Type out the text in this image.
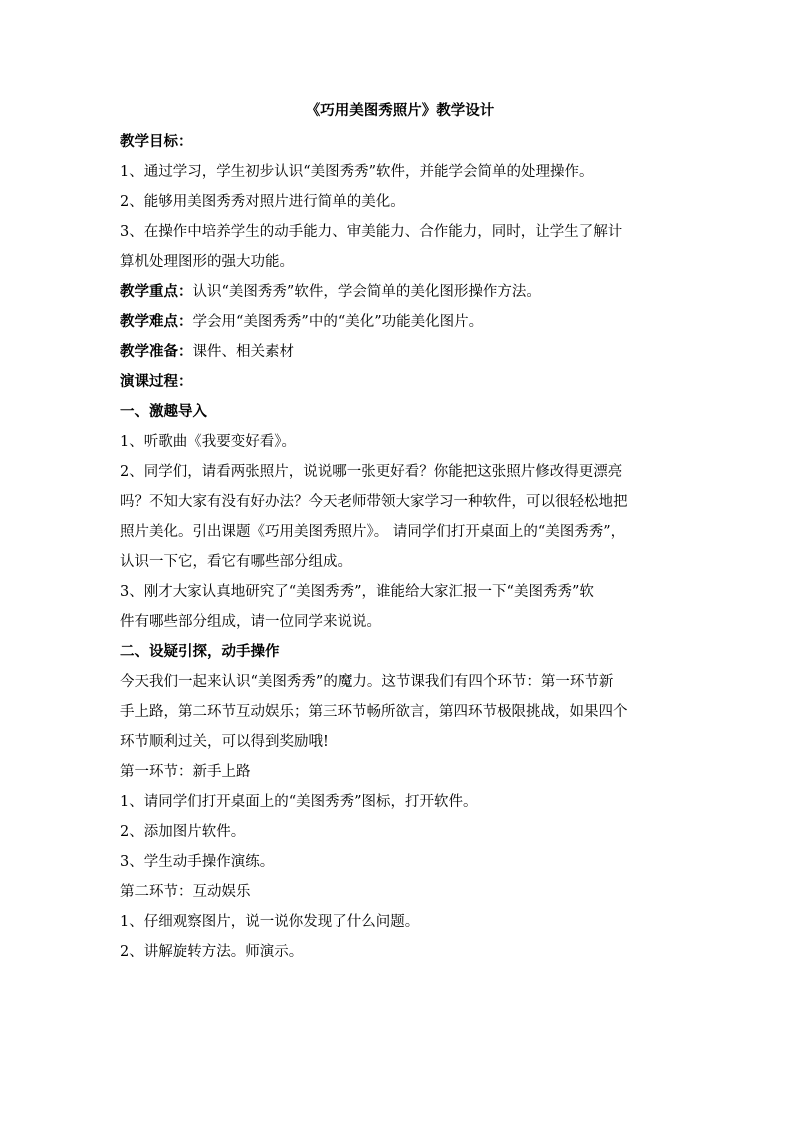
《巧用美图秀照片》教学设计

教学目标：

1、通过学习，学生初步认识“美图秀秀”软件，并能学会简单的处理操作。

2、能够用美图秀秀对照片进行简单的美化。

3、在操作中培养学生的动手能力、审美能力、合作能力，同时，让学生了解计

算机处理图形的强大功能。

教学重点：认识“美图秀秀”软件，学会简单的美化图形操作方法。

教学难点：学会用“美图秀秀”中的“美化”功能美化图片。

教学准备：课件、相关素材

演课过程：

一、激趣导入

1、听歌曲《我要变好看》。

2、同学们，请看两张照片，说说哪一张更好看？你能把这张照片修改得更漂亮

吗？不知大家有没有好办法？今天老师带领大家学习一种软件，可以很轻松地把

照片美化。引出课题《巧用美图秀照片》。 请同学们打开桌面上的“美图秀秀”，

认识一下它，看它有哪些部分组成。

3、刚才大家认真地研究了“美图秀秀”，谁能给大家汇报一下“美图秀秀”软

件有哪些部分组成，请一位同学来说说。

二、设疑引探，动手操作

今天我们一起来认识“美图秀秀”的魔力。这节课我们有四个环节：第一环节新

手上路，第二环节互动娱乐；第三环节畅所欲言，第四环节极限挑战，如果四个

环节顺利过关，可以得到奖励哦!

第一环节：新手上路

1、请同学们打开桌面上的“美图秀秀”图标，打开软件。

2、添加图片软件。

3、学生动手操作演练。

第二环节：互动娱乐

1、仔细观察图片，说一说你发现了什么问题。

2、讲解旋转方法。师演示。
